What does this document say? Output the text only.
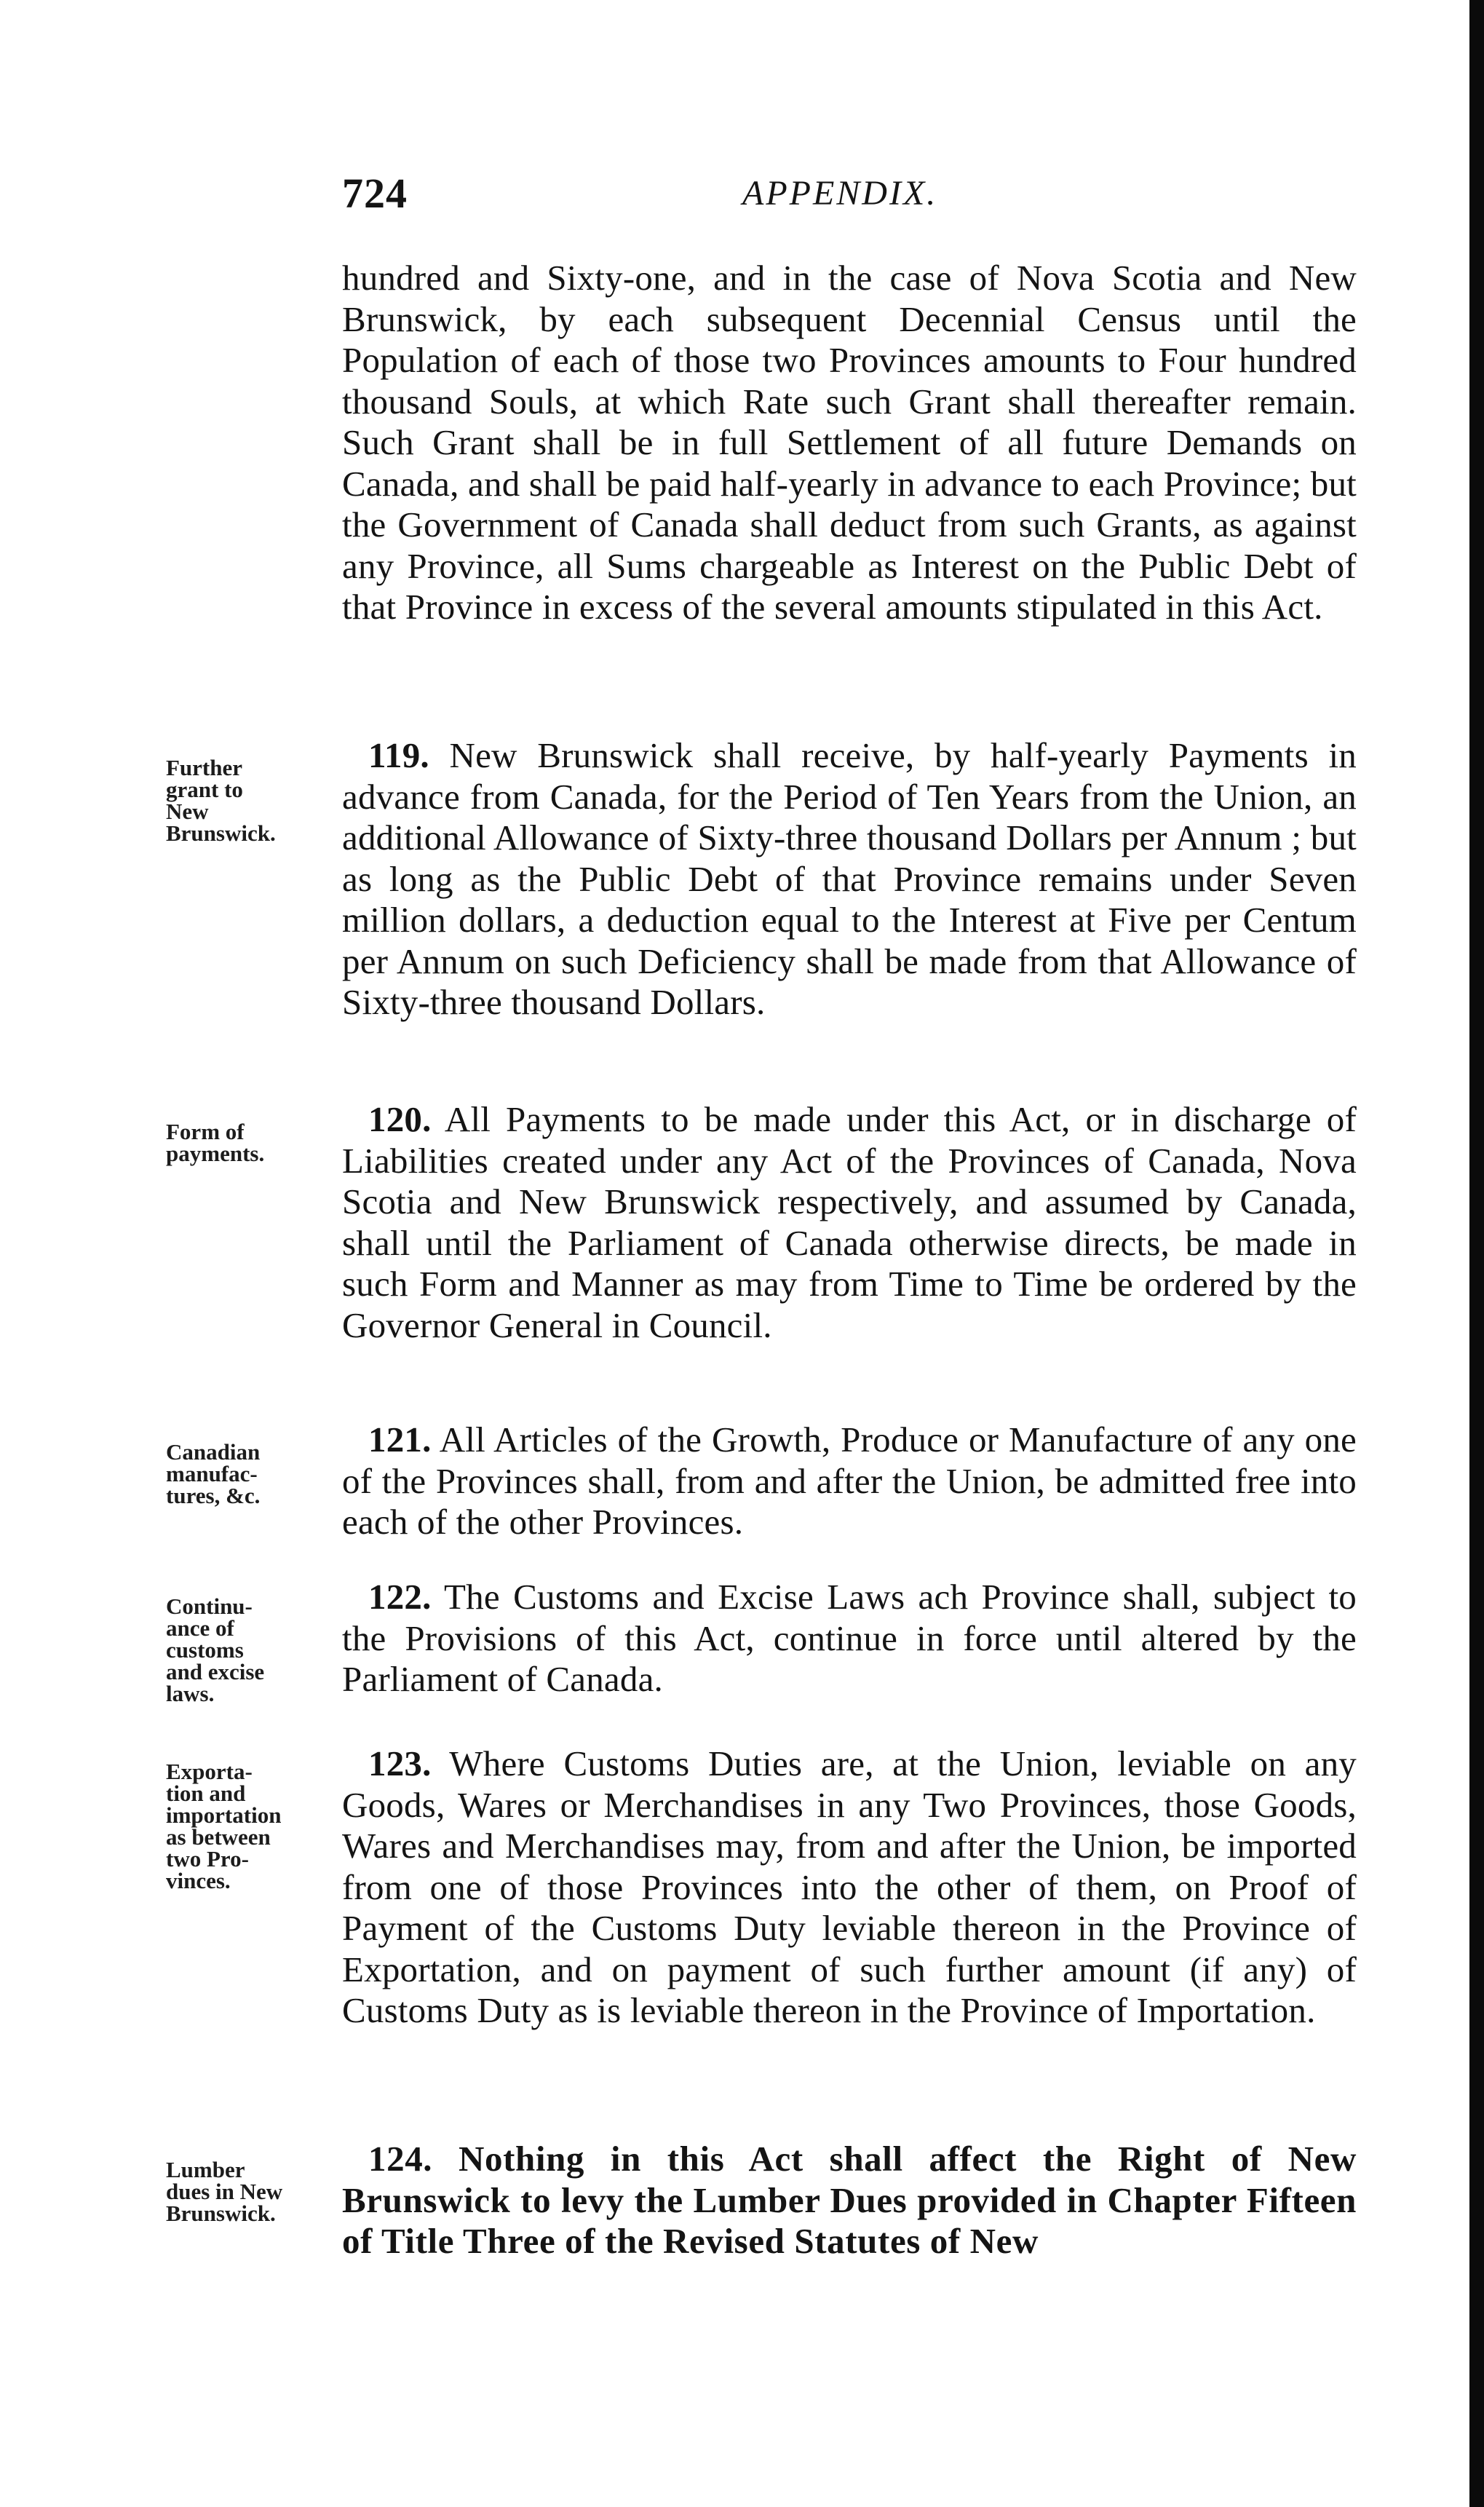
724	APPENDIX.
hundred and Sixty-one, and in the case of Nova Scotia and New Brunswick, by each subsequent Decennial Census until the Population of each of those two Provinces amounts to Four hundred thousand Souls, at which Rate such Grant shall thereafter remain. Such Grant shall be in full Settlement of all future Demands on Canada, and shall be paid half-yearly in advance to each Province; but the Government of Canada shall deduct from such Grants, as against any Province, all Sums chargeable as Interest on the Public Debt of that Province in excess of the several amounts stipulated in this Act.
Further
grant to
New
Brunswick.
119. New Brunswick shall receive, by half-yearly Payments in advance from Canada, for the Period of Ten Years from the Union, an additional Allowance of Sixty-three thousand Dollars per Annum ; but as long as the Public Debt of that Province remains under Seven million dollars, a deduction equal to the Interest at Five per Centum per Annum on such Deficiency shall be made from that Allowance of Sixty-three thousand Dollars.
Form of
payments.
120. All Payments to be made under this Act, or in discharge of Liabilities created under any Act of the Provinces of Canada, Nova Scotia and New Brunswick respectively, and assumed by Canada, shall until the Parliament of Canada otherwise directs, be made in such Form and Manner as may from Time to Time be ordered by the Governor General in Council.
Canadian
manufac-
tures, &c.
121. All Articles of the Growth, Produce or Manufacture of any one of the Provinces shall, from and after the Union, be admitted free into each of the other Provinces.
Continu-
ance of
customs
and excise
laws.
122. The Customs and Excise Laws ach Province shall, subject to the Provisions of this Act, continue in force until altered by the Parliament of Canada.
Exporta-
tion and
importation
as between
two Pro-
vinces.
123. Where Customs Duties are, at the Union, leviable on any Goods, Wares or Merchandises in any Two Provinces, those Goods, Wares and Merchandises may, from and after the Union, be imported from one of those Provinces into the other of them, on Proof of Payment of the Customs Duty leviable thereon in the Province of Exportation, and on payment of such further amount (if any) of Customs Duty as is leviable thereon in the Province of Importation.
Lumber
dues in New
Brunswick.
124. Nothing in this Act shall affect the Right of New Brunswick to levy the Lumber Dues provided in Chapter Fifteen of Title Three of the Revised Statutes of New
